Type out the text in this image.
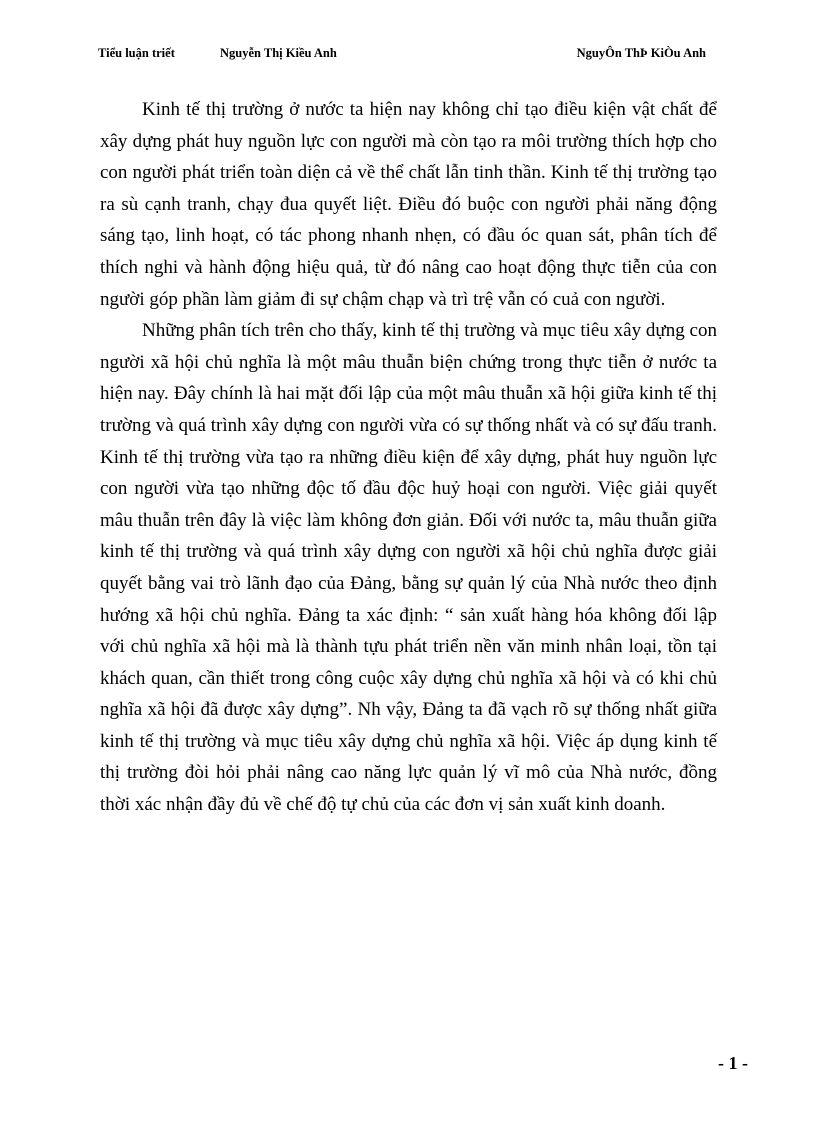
Tiểu luận triết	Nguyễn Thị Kiều Anh	NguyÔn ThÞ KiÒu Anh

Kinh tế thị trường ở nước ta hiện nay không chỉ tạo điều kiện vật chất để xây dựng phát huy nguồn lực con người mà còn tạo ra môi trường thích hợp cho con người phát triển toàn diện cả về thể chất lẫn tinh thần. Kinh tế thị trường tạo ra sù cạnh tranh, chạy đua quyết liệt. Điều đó buộc con người phải năng động sáng tạo, linh hoạt, có tác phong nhanh nhẹn, có đầu óc quan sát, phân tích để thích nghi và hành động hiệu quả, từ đó nâng cao hoạt động thực tiễn của con người góp phần làm giảm đi sự chậm chạp và trì trệ vẫn có cuả con người.

Những phân tích trên cho thấy, kinh tế thị trường và mục tiêu xây dựng con người xã hội chủ nghĩa là một mâu thuẫn biện chứng trong thực tiễn ở nước ta hiện nay. Đây chính là hai mặt đối lập của một mâu thuẫn xã hội giữa kinh tế thị trường và quá trình xây dựng con người vừa có sự thống nhất và có sự đấu tranh. Kinh tế thị trường vừa tạo ra những điều kiện để xây dựng, phát huy nguồn lực con người vừa tạo những độc tố đầu độc huỷ hoại con người. Việc giải quyết mâu thuẫn trên đây là việc làm không đơn giản. Đối với nước ta, mâu thuẫn giữa kinh tế thị trường và quá trình xây dựng con người xã hội chủ nghĩa được giải quyết bằng vai trò lãnh đạo của Đảng, bằng sự quản lý của Nhà nước theo định hướng xã hội chủ nghĩa. Đảng ta xác định: “ sản xuất hàng hóa không đối lập với chủ nghĩa xã hội mà là thành tựu phát triển nền văn minh nhân loại, tồn tại khách quan, cần thiết trong công cuộc xây dựng chủ nghĩa xã hội và có khi chủ nghĩa xã hội đã được xây dựng”. Nh vậy, Đảng ta đã vạch rõ sự thống nhất giữa kinh tế thị trường và mục tiêu xây dựng chủ nghĩa xã hội. Việc áp dụng kinh tế thị trường đòi hỏi phải nâng cao năng lực quản lý vĩ mô của Nhà nước, đồng thời xác nhận đầy đủ về chế độ tự chủ của các đơn vị sản xuất kinh doanh.

- 1 -
